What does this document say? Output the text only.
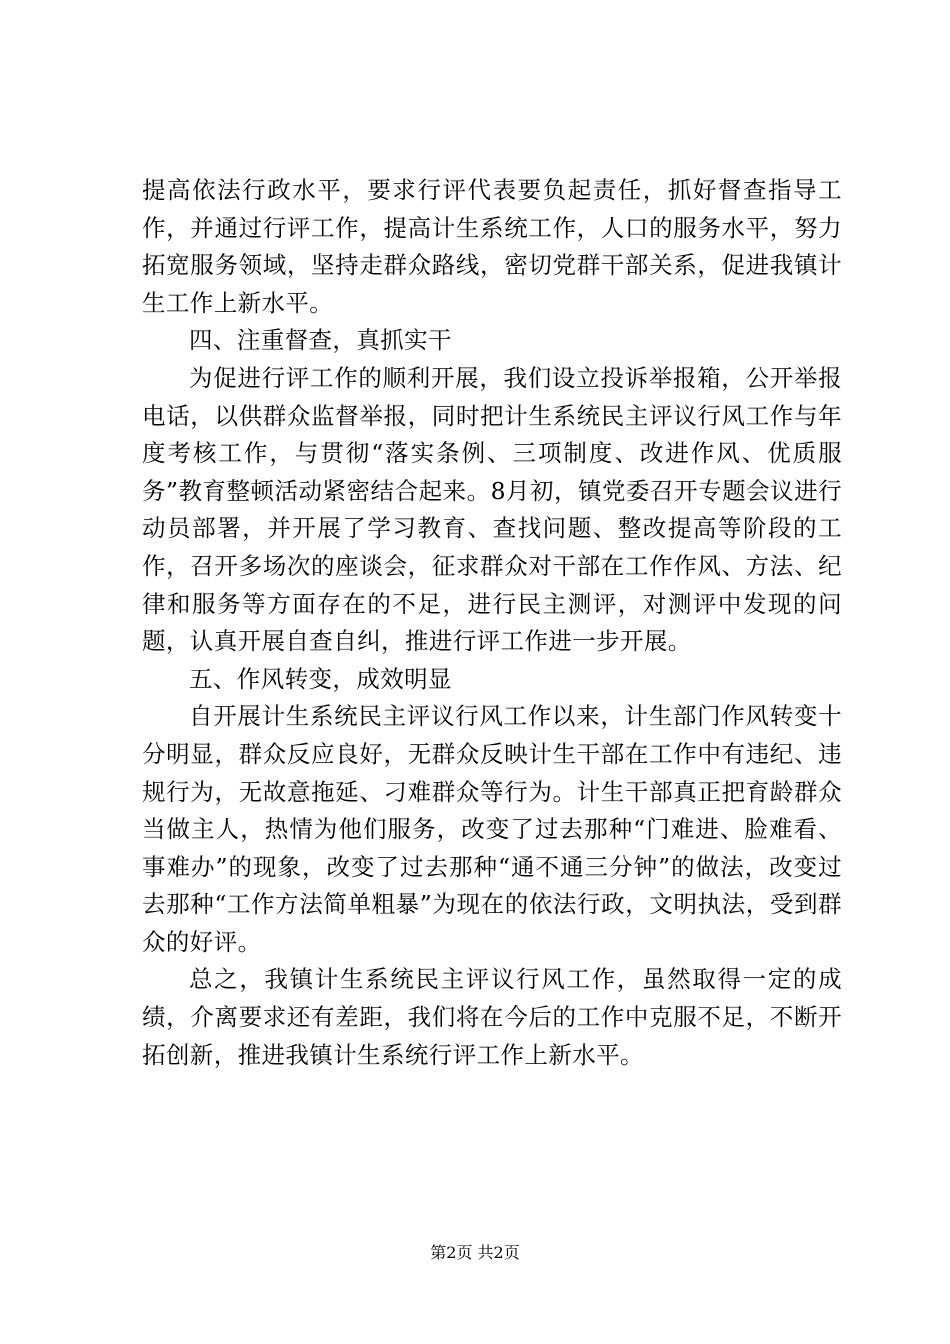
提高依法行政水平，要求行评代表要负起责任，抓好督查指导工作，并通过行评工作，提高计生系统工作，人口的服务水平，努力拓宽服务领域，坚持走群众路线，密切党群干部关系，促进我镇计生工作上新水平。

四、注重督查，真抓实干

为促进行评工作的顺利开展，我们设立投诉举报箱，公开举报电话，以供群众监督举报，同时把计生系统民主评议行风工作与年度考核工作，与贯彻“落实条例、三项制度、改进作风、优质服务”教育整顿活动紧密结合起来。8月初，镇党委召开专题会议进行动员部署，并开展了学习教育、查找问题、整改提高等阶段的工作，召开多场次的座谈会，征求群众对干部在工作作风、方法、纪律和服务等方面存在的不足，进行民主测评，对测评中发现的问题，认真开展自查自纠，推进行评工作进一步开展。

五、作风转变，成效明显

自开展计生系统民主评议行风工作以来，计生部门作风转变十分明显，群众反应良好，无群众反映计生干部在工作中有违纪、违规行为，无故意拖延、刁难群众等行为。计生干部真正把育龄群众当做主人，热情为他们服务，改变了过去那种“门难进、脸难看、事难办”的现象，改变了过去那种“通不通三分钟”的做法，改变过去那种“工作方法简单粗暴”为现在的依法行政，文明执法，受到群众的好评。

总之，我镇计生系统民主评议行风工作，虽然取得一定的成绩，介离要求还有差距，我们将在今后的工作中克服不足，不断开拓创新，推进我镇计生系统行评工作上新水平。

第2页 共2页
